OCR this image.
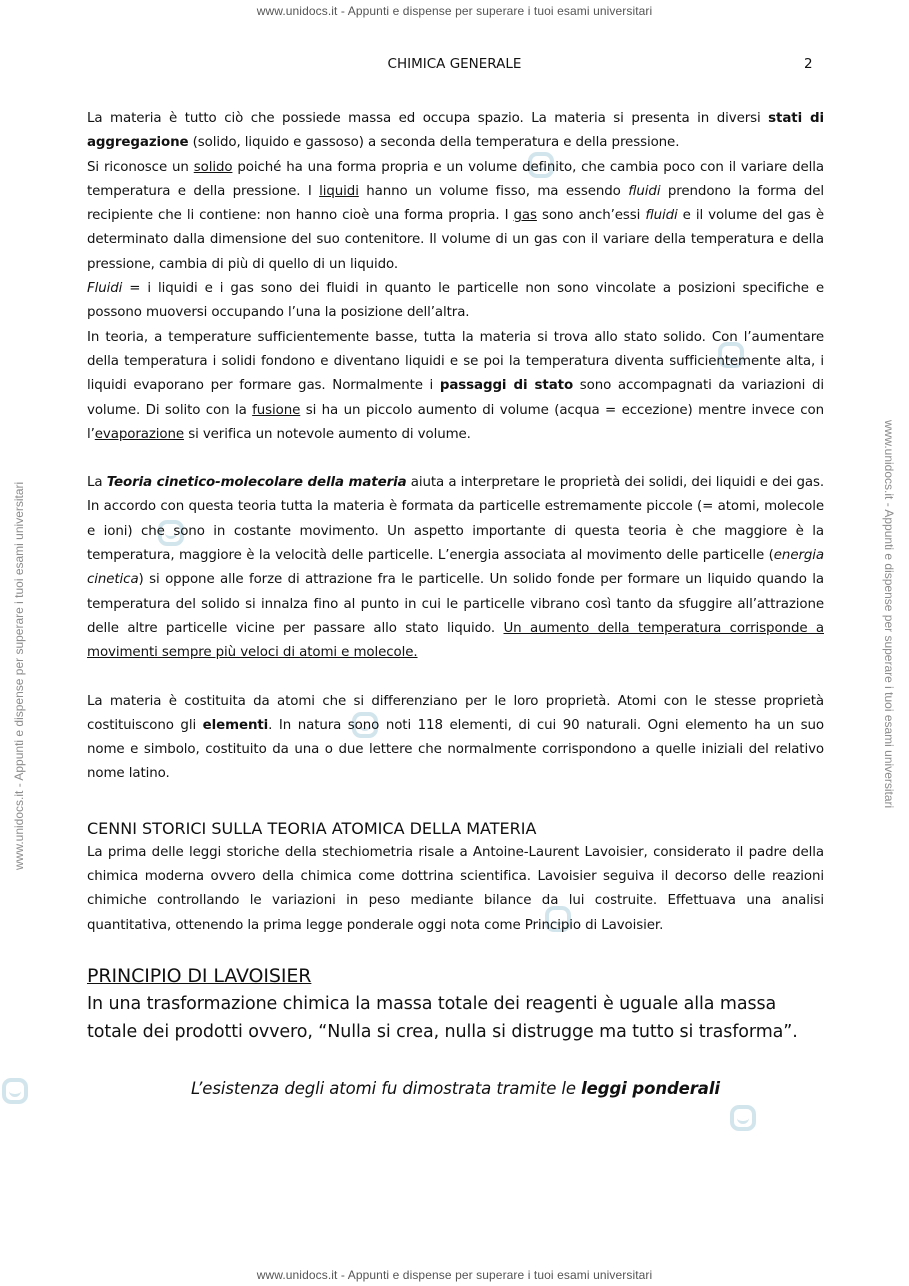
www.unidocs.it - Appunti e dispense per superare i tuoi esami universitari
www.unidocs.it - Appunti e dispense per superare i tuoi esami universitari
www.unidocs.it - Appunti e dispense per superare i tuoi esami universitari	www.unidocs.it - Appunti e dispense per superare i tuoi esami universitari
CHIMICA GENERALE	2

La materia è tutto ciò che possiede massa ed occupa spazio. La materia si presenta in diversi stati di aggregazione (solido, liquido e gassoso) a seconda della temperatura e della pressione.

Si riconosce un solido poiché ha una forma propria e un volume definito, che cambia poco con il variare della temperatura e della pressione. I liquidi hanno un volume fisso, ma essendo fluidi prendono la forma del recipiente che li contiene: non hanno cioè una forma propria. I gas sono anch’essi fluidi e il volume del gas è determinato dalla dimensione del suo contenitore. Il volume di un gas con il variare della temperatura e della pressione, cambia di più di quello di un liquido.

Fluidi = i liquidi e i gas sono dei fluidi in quanto le particelle non sono vincolate a posizioni specifiche e possono muoversi occupando l’una la posizione dell’altra.

In teoria, a temperature sufficientemente basse, tutta la materia si trova allo stato solido. Con l’aumentare della temperatura i solidi fondono e diventano liquidi e se poi la temperatura diventa sufficientemente alta, i liquidi evaporano per formare gas. Normalmente i passaggi di stato sono accompagnati da variazioni di volume. Di solito con la fusione si ha un piccolo aumento di volume (acqua = eccezione) mentre invece con l’evaporazione si verifica un notevole aumento di volume.

La Teoria cinetico-molecolare della materia aiuta a interpretare le proprietà dei solidi, dei liquidi e dei gas. In accordo con questa teoria tutta la materia è formata da particelle estremamente piccole (= atomi, molecole e ioni) che sono in costante movimento. Un aspetto importante di questa teoria è che maggiore è la temperatura, maggiore è la velocità delle particelle. L’energia associata al movimento delle particelle (energia cinetica) si oppone alle forze di attrazione fra le particelle. Un solido fonde per formare un liquido quando la temperatura del solido si innalza fino al punto in cui le particelle vibrano così tanto da sfuggire all’attrazione delle altre particelle vicine per passare allo stato liquido. Un aumento della temperatura corrisponde a movimenti sempre più veloci di atomi e molecole.

La materia è costituita da atomi che si differenziano per le loro proprietà. Atomi con le stesse proprietà costituiscono gli elementi. In natura sono noti 118 elementi, di cui 90 naturali. Ogni elemento ha un suo nome e simbolo, costituito da una o due lettere che normalmente corrispondono a quelle iniziali del relativo nome latino.

CENNI STORICI SULLA TEORIA ATOMICA DELLA MATERIA

La prima delle leggi storiche della stechiometria risale a Antoine-Laurent Lavoisier, considerato il padre della chimica moderna ovvero della chimica come dottrina scientifica. Lavoisier seguiva il decorso delle reazioni chimiche controllando le variazioni in peso mediante bilance da lui costruite. Effettuava una analisi quantitativa, ottenendo la prima legge ponderale oggi nota come Principio di Lavoisier.

PRINCIPIO DI LAVOISIER

In una trasformazione chimica la massa totale dei reagenti è uguale alla massa totale dei prodotti ovvero, “Nulla si crea, nulla si distrugge ma tutto si trasforma”.

L’esistenza degli atomi fu dimostrata tramite le leggi ponderali
